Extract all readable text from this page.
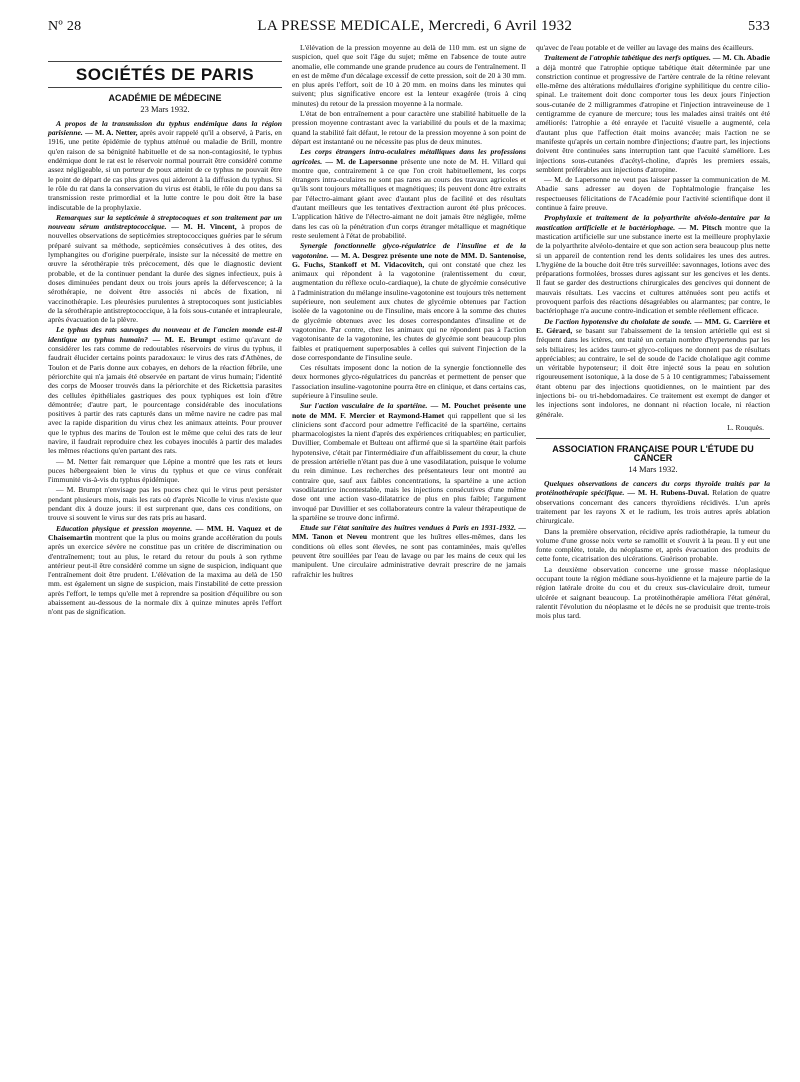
Nº 28	LA PRESSE MEDICALE, Mercredi, 6 Avril 1932	533
SOCIÉTÉS DE PARIS
ACADÉMIE DE MÉDECINE
23 Mars 1932.

A propos de la transmission du typhus endémique dans la région parisienne. — M. A. Netter, après avoir rappelé qu'il a observé, à Paris, en 1916, une petite épidémie de typhus atténué ou maladie de Brill, montre qu'en raison de sa bénignité habituelle et de sa non-contagiosité, le typhus endémique dont le rat est le réservoir normal pourrait être considéré comme assez négligeable, si un porteur de poux atteint de ce typhus ne pouvait être le point de départ de cas plus graves qui aideront à la diffusion du typhus. Si le rôle du rat dans la conservation du virus est établi, le rôle du pou dans sa transmission reste primordial et la lutte contre le pou doit être la base indiscutable de la prophylaxie.

Remarques sur la septicémie à streptocoques et son traitement par un nouveau sérum antistreptococcique. — M. H. Vincent, à propos de nouvelles observations de septicémies streptococciques guéries par le sérum préparé suivant sa méthode, septicémies consécutives à des otites, des lymphangites ou d'origine puerpérale, insiste sur la nécessité de mettre en œuvre la sérothérapie très précocement, dès que le diagnostic devient probable, et de la continuer pendant la durée des signes infectieux, puis à doses diminuées pendant deux ou trois jours après la défervescence; à la sérothérapie, ne doivent être associés ni abcès de fixation, ni vaccinothérapie. Les pleurésies purulentes à streptocoques sont justiciables de la sérothérapie antistreptococcique, à la fois sous-cutanée et intrapleurale, après évacuation de la plèvre.

Le typhus des rats sauvages du nouveau et de l'ancien monde est-il identique au typhus humain? — M. E. Brumpt estime qu'avant de considérer les rats comme de redoutables réservoirs de virus du typhus, il faudrait élucider certains points paradoxaux: le virus des rats d'Athènes, de Toulon et de Paris donne aux cobayes, en dehors de la réaction fébrile, une périorchite qui n'a jamais été observée en partant de virus humain; l'identité des corps de Mooser trouvés dans la périorchite et des Rickettsia parasites des cellules épithéliales gastriques des poux typhiques est loin d'être démontrée; d'autre part, le pourcentage considérable des inoculations positives à partir des rats capturés dans un même navire ne cadre pas mal avec la rapide disparition du virus chez les animaux atteints. Pour prouver que le typhus des marins de Toulon est le même que celui des rats de leur navire, il faudrait reproduire chez les cobayes inoculés à partir des malades les mêmes réactions qu'en partant des rats.

— M. Netter fait remarquer que Lépine a montré que les rats et leurs puces hébergeaient bien le virus du typhus et que ce virus conférait l'immunité vis-à-vis du typhus épidémique.

— M. Brumpt n'envisage pas les puces chez qui le virus peut persister pendant plusieurs mois, mais les rats où d'après Nicolle le virus n'existe que pendant dix à douze jours: il est surprenant que, dans ces conditions, on trouve si souvent le virus sur des rats pris au hasard.

Education physique et pression moyenne. — MM. H. Vaquez et de Chaisemartin montrent que la plus ou moins grande accélération du pouls après un exercice sévère ne constitue pas un critère de discrimination ou d'entraînement; tout au plus, le retard du retour du pouls à son rythme antérieur peut-il être considéré comme un signe de suspicion, indiquant que l'entraînement doit être prudent. L'élévation de la maxima au delà de 150 mm. est également un signe de suspicion, mais l'instabilité de cette pression après l'effort, le temps qu'elle met à reprendre sa position d'équilibre ou son abaissement au-dessous de la normale dix à quinze minutes après l'effort n'ont pas de signification.

L'élévation de la pression moyenne au delà de 110 mm. est un signe de suspicion, quel que soit l'âge du sujet; même en l'absence de toute autre anomalie, elle commande une grande prudence au cours de l'entraînement. Il en est de même d'un décalage excessif de cette pression, soit de 20 à 30 mm. en plus après l'effort, soit de 10 à 20 mm. en moins dans les minutes qui suivent; plus significative encore est la lenteur exagérée (trois à cinq minutes) du retour de la pression moyenne à la normale.

L'état de bon entraînement a pour caractère une stabilité habituelle de la pression moyenne contrastant avec la variabilité du pouls et de la maxima; quand la stabilité fait défaut, le retour de la pression moyenne à son point de départ est instantané ou ne nécessite pas plus de deux minutes.

Les corps étrangers intra-oculaires métalliques dans les professions agricoles. — M. de Lapersonne présente une note de M. H. Villard qui montre que, contrairement à ce que l'on croit habituellement, les corps étrangers intra-oculaires ne sont pas rares au cours des travaux agricoles et qu'ils sont toujours métalliques et magnétiques; ils peuvent donc être extraits par l'électro-aimant géant avec d'autant plus de facilité et des résultats d'autant meilleurs que les tentatives d'extraction auront été plus précoces. L'application hâtive de l'électro-aimant ne doit jamais être négligée, même dans les cas où la pénétration d'un corps étranger métallique et magnétique reste seulement à l'état de probabilité.

Synergie fonctionnelle glyco-régulatrice de l'insuline et de la vagotonine. — M. A. Desgrez présente une note de MM. D. Santenoise, G. Fuchs, Stankoff et M. Vidacovitch, qui ont constaté que chez les animaux qui répondent à la vagotonine (ralentissement du cœur, augmentation du réflexe oculo-cardiaque), la chute de glycémie consécutive à l'administration du mélange insuline-vagotonine est toujours très nettement supérieure, non seulement aux chutes de glycémie obtenues par l'action isolée de la vagotonine ou de l'insuline, mais encore à la somme des chutes de glycémie obtenues avec les doses correspondantes d'insuline et de vagotonine. Par contre, chez les animaux qui ne répondent pas à l'action vagotonisante de la vagotonine, les chutes de glycémie sont beaucoup plus faibles et pratiquement superposables à celles qui suivent l'injection de la dose correspondante de l'insuline seule.

Ces résultats imposent donc la notion de la synergie fonctionnelle des deux hormones glyco-régulatrices du pancréas et permettent de penser que l'association insuline-vagotonine pourra être en clinique, et dans certains cas, supérieure à l'insuline seule.

Sur l'action vasculaire de la spartéine. — M. Pouchet présente une note de MM. F. Mercier et Raymond-Hamet qui rappellent que si les cliniciens sont d'accord pour admettre l'efficacité de la spartéine, certains pharmacologistes la nient d'après des expériences critiquables; en particulier, Duvillier, Combemale et Bulteau ont affirmé que si la spartéine était parfois hypotensive, c'était par l'intermédiaire d'un affaiblissement du cœur, la chute de pression artérielle n'étant pas due à une vasodilatation, puisque le volume du rein diminue. Les recherches des présentateurs leur ont montré au contraire que, sauf aux faibles concentrations, la spartéine a une action vasodilatatrice incontestable, mais les injections consécutives d'une même dose ont une action vaso-dilatatrice de plus en plus faible; l'argument invoqué par Duvillier et ses collaborateurs contre la valeur thérapeutique de la spartéine se trouve donc infirmé.

Etude sur l'état sanitaire des huîtres vendues à Paris en 1931-1932. — MM. Tanon et Neveu montrent que les huîtres elles-mêmes, dans les conditions où elles sont élevées, ne sont pas contaminées, mais qu'elles peuvent être souillées par l'eau de lavage ou par les mains de ceux qui les manipulent. Une circulaire administrative devrait prescrire de ne jamais rafraîchir les huîtres

qu'avec de l'eau potable et de veiller au lavage des mains des écailleurs.

Traitement de l'atrophie tabétique des nerfs optiques. — M. Ch. Abadie a déjà montré que l'atrophie optique tabétique était déterminée par une constriction continue et progressive de l'artère centrale de la rétine relevant elle-même des altérations médullaires d'origine syphilitique du centre cilio-spinal. Le traitement doit donc comporter tous les deux jours l'injection sous-cutanée de 2 milligrammes d'atropine et l'injection intraveineuse de 1 centigramme de cyanure de mercure; tous les malades ainsi traités ont été améliorés: l'atrophie a été enrayée et l'acuité visuelle a augmenté, cela d'autant plus que l'affection était moins avancée; mais l'action ne se manifeste qu'après un certain nombre d'injections; d'autre part, les injections doivent être continuées sans interruption tant que l'acuité s'améliore. Les injections sous-cutanées d'acétyl-choline, d'après les premiers essais, semblent préférables aux injections d'atropine.

— M. de Lapersonne ne veut pas laisser passer la communication de M. Abadie sans adresser au doyen de l'ophtalmologie française les respectueuses félicitations de l'Académie pour l'activité scientifique dont il continue à faire preuve.

Prophylaxie et traitement de la polyarthrite alvéolo-dentaire par la mastication artificielle et le bactériophage. — M. Pitsch montre que la mastication artificielle sur une substance inerte est la meilleure prophylaxie de la polyarthrite alvéolo-dentaire et que son action sera beaucoup plus nette si un appareil de contention rend les dents solidaires les unes des autres. L'hygiène de la bouche doit être très surveillée: savonnages, lotions avec des préparations formolées, brosses dures agissant sur les gencives et les dents. Il faut se garder des destructions chirurgicales des gencives qui donnent de mauvais résultats. Les vaccins et cultures atténuées sont peu actifs et provoquent parfois des réactions désagréables ou alarmantes; par contre, le bactériophage n'a aucune contre-indication et semble réellement efficace.

De l'action hypotensive du cholalate de soude. — MM. G. Carrière et E. Gérard, se basant sur l'abaissement de la tension artérielle qui est si fréquent dans les ictères, ont traité un certain nombre d'hypertendus par les sels biliaires; les acides tauro-et glyco-coliques ne donnent pas de résultats appréciables; au contraire, le sel de soude de l'acide cholalique agit comme un véritable hypotenseur; il doit être injecté sous la peau en solution rigoureusement isotonique, à la dose de 5 à 10 centigrammes; l'abaissement étant obtenu par des injections quotidiennes, on le maintient par des injections bi- ou tri-hebdomadaires. Ce traitement est exempt de danger et les injections sont indolores, ne donnant ni réaction locale, ni réaction générale.

L. Rouquès.
ASSOCIATION FRANÇAISE POUR L'ÉTUDE DU CANCER
14 Mars 1932.

Quelques observations de cancers du corps thyroïde traités par la protéinothérapie spécifique. — M. H. Rubens-Duval. Relation de quatre observations concernant des cancers thyroïdiens récidivés. L'un après traitement par les rayons X et le radium, les trois autres après ablation chirurgicale.

Dans la première observation, récidive après radiothérapie, la tumeur du volume d'une grosse noix verte se ramollit et s'ouvrit à la peau. Il y eut une fonte complète, totale, du néoplasme et, après évacuation des produits de cette fonte, cicatrisation des ulcérations. Guérison probable.

La deuxième observation concerne une grosse masse néoplasique occupant toute la région médiane sous-hyoïdienne et la majeure partie de la région latérale droite du cou et du creux sus-claviculaire droit, tumeur ulcérée et saignant beaucoup. La protéinothérapie améliora l'état général, ralentit l'évolution du néoplasme et le décès ne se produisit que trente-trois mois plus tard.
